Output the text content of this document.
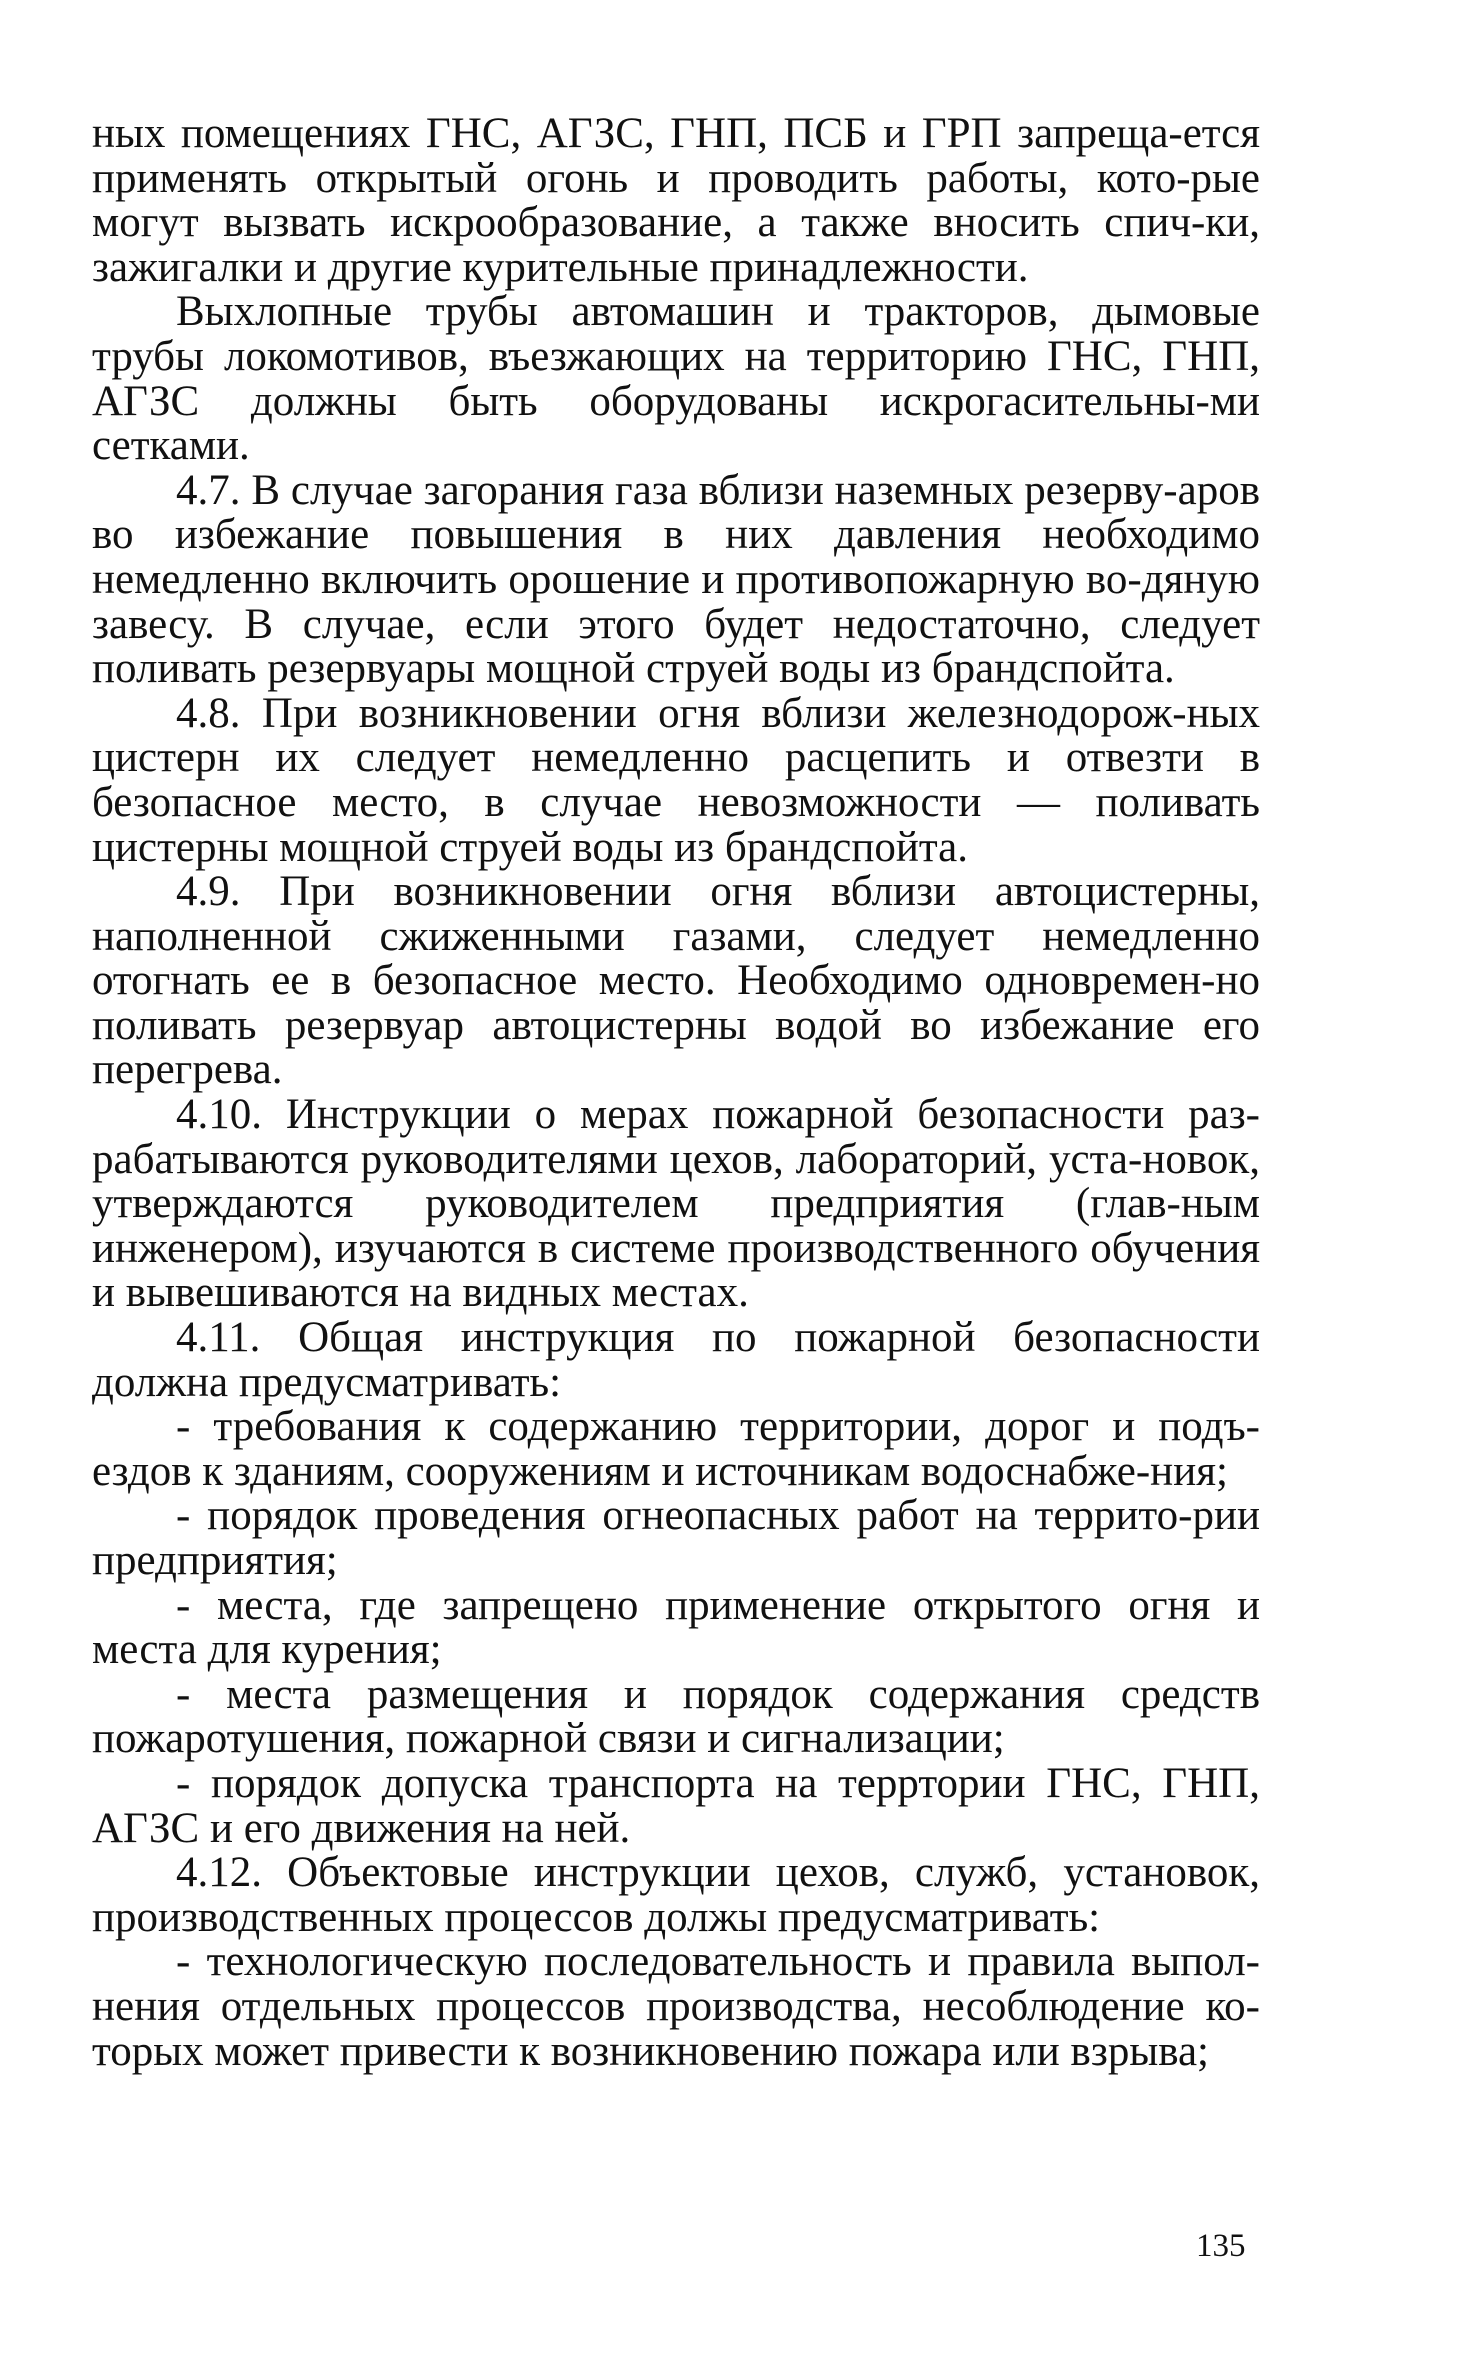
ных помещениях ГНС, АГЗС, ГНП, ПСБ и ГРП запреща-ется применять открытый огонь и проводить работы, кото-рые могут вызвать искрообразование, а также вносить спич-ки, зажигалки и другие курительные принадлежности.

Выхлопные трубы автомашин и тракторов, дымовые трубы локомотивов, въезжающих на территорию ГНС, ГНП, АГЗС должны быть оборудованы искрогасительны-ми сетками.

4.7. В случае загорания газа вблизи наземных резерву-аров во избежание повышения в них давления необходимо немедленно включить орошение и противопожарную во-дяную завесу. В случае, если этого будет недостаточно, следует поливать резервуары мощной струей воды из брандспойта.

4.8. При возникновении огня вблизи железнодорож-ных цистерн их следует немедленно расцепить и отвезти в безопасное место, в случае невозможности — поливать цистерны мощной струей воды из брандспойта.

4.9. При возникновении огня вблизи автоцистерны, наполненной сжиженными газами, следует немедленно отогнать ее в безопасное место. Необходимо одновремен-но поливать резервуар автоцистерны водой во избежание его перегрева.

4.10. Инструкции о мерах пожарной безопасности раз-рабатываются руководителями цехов, лабораторий, уста-новок, утверждаются руководителем предприятия (глав-ным инженером), изучаются в системе производственного обучения и вывешиваются на видных местах.

4.11. Общая инструкция по пожарной безопасности должна предусматривать:

- требования к содержанию территории, дорог и подъ-ездов к зданиям, сооружениям и источникам водоснабже-ния;

- порядок проведения огнеопасных работ на террито-рии предприятия;

- места, где запрещено применение открытого огня и места для курения;

- места размещения и порядок содержания средств пожаротушения, пожарной связи и сигнализации;

- порядок допуска транспорта на терртории ГНС, ГНП, АГЗС и его движения на ней.

4.12. Объектовые инструкции цехов, служб, установок, производственных процессов должы предусматривать:

- технологическую последовательность и правила выпол-нения отдельных процессов производства, несоблюдение ко-торых может привести к возникновению пожара или взрыва;

135
